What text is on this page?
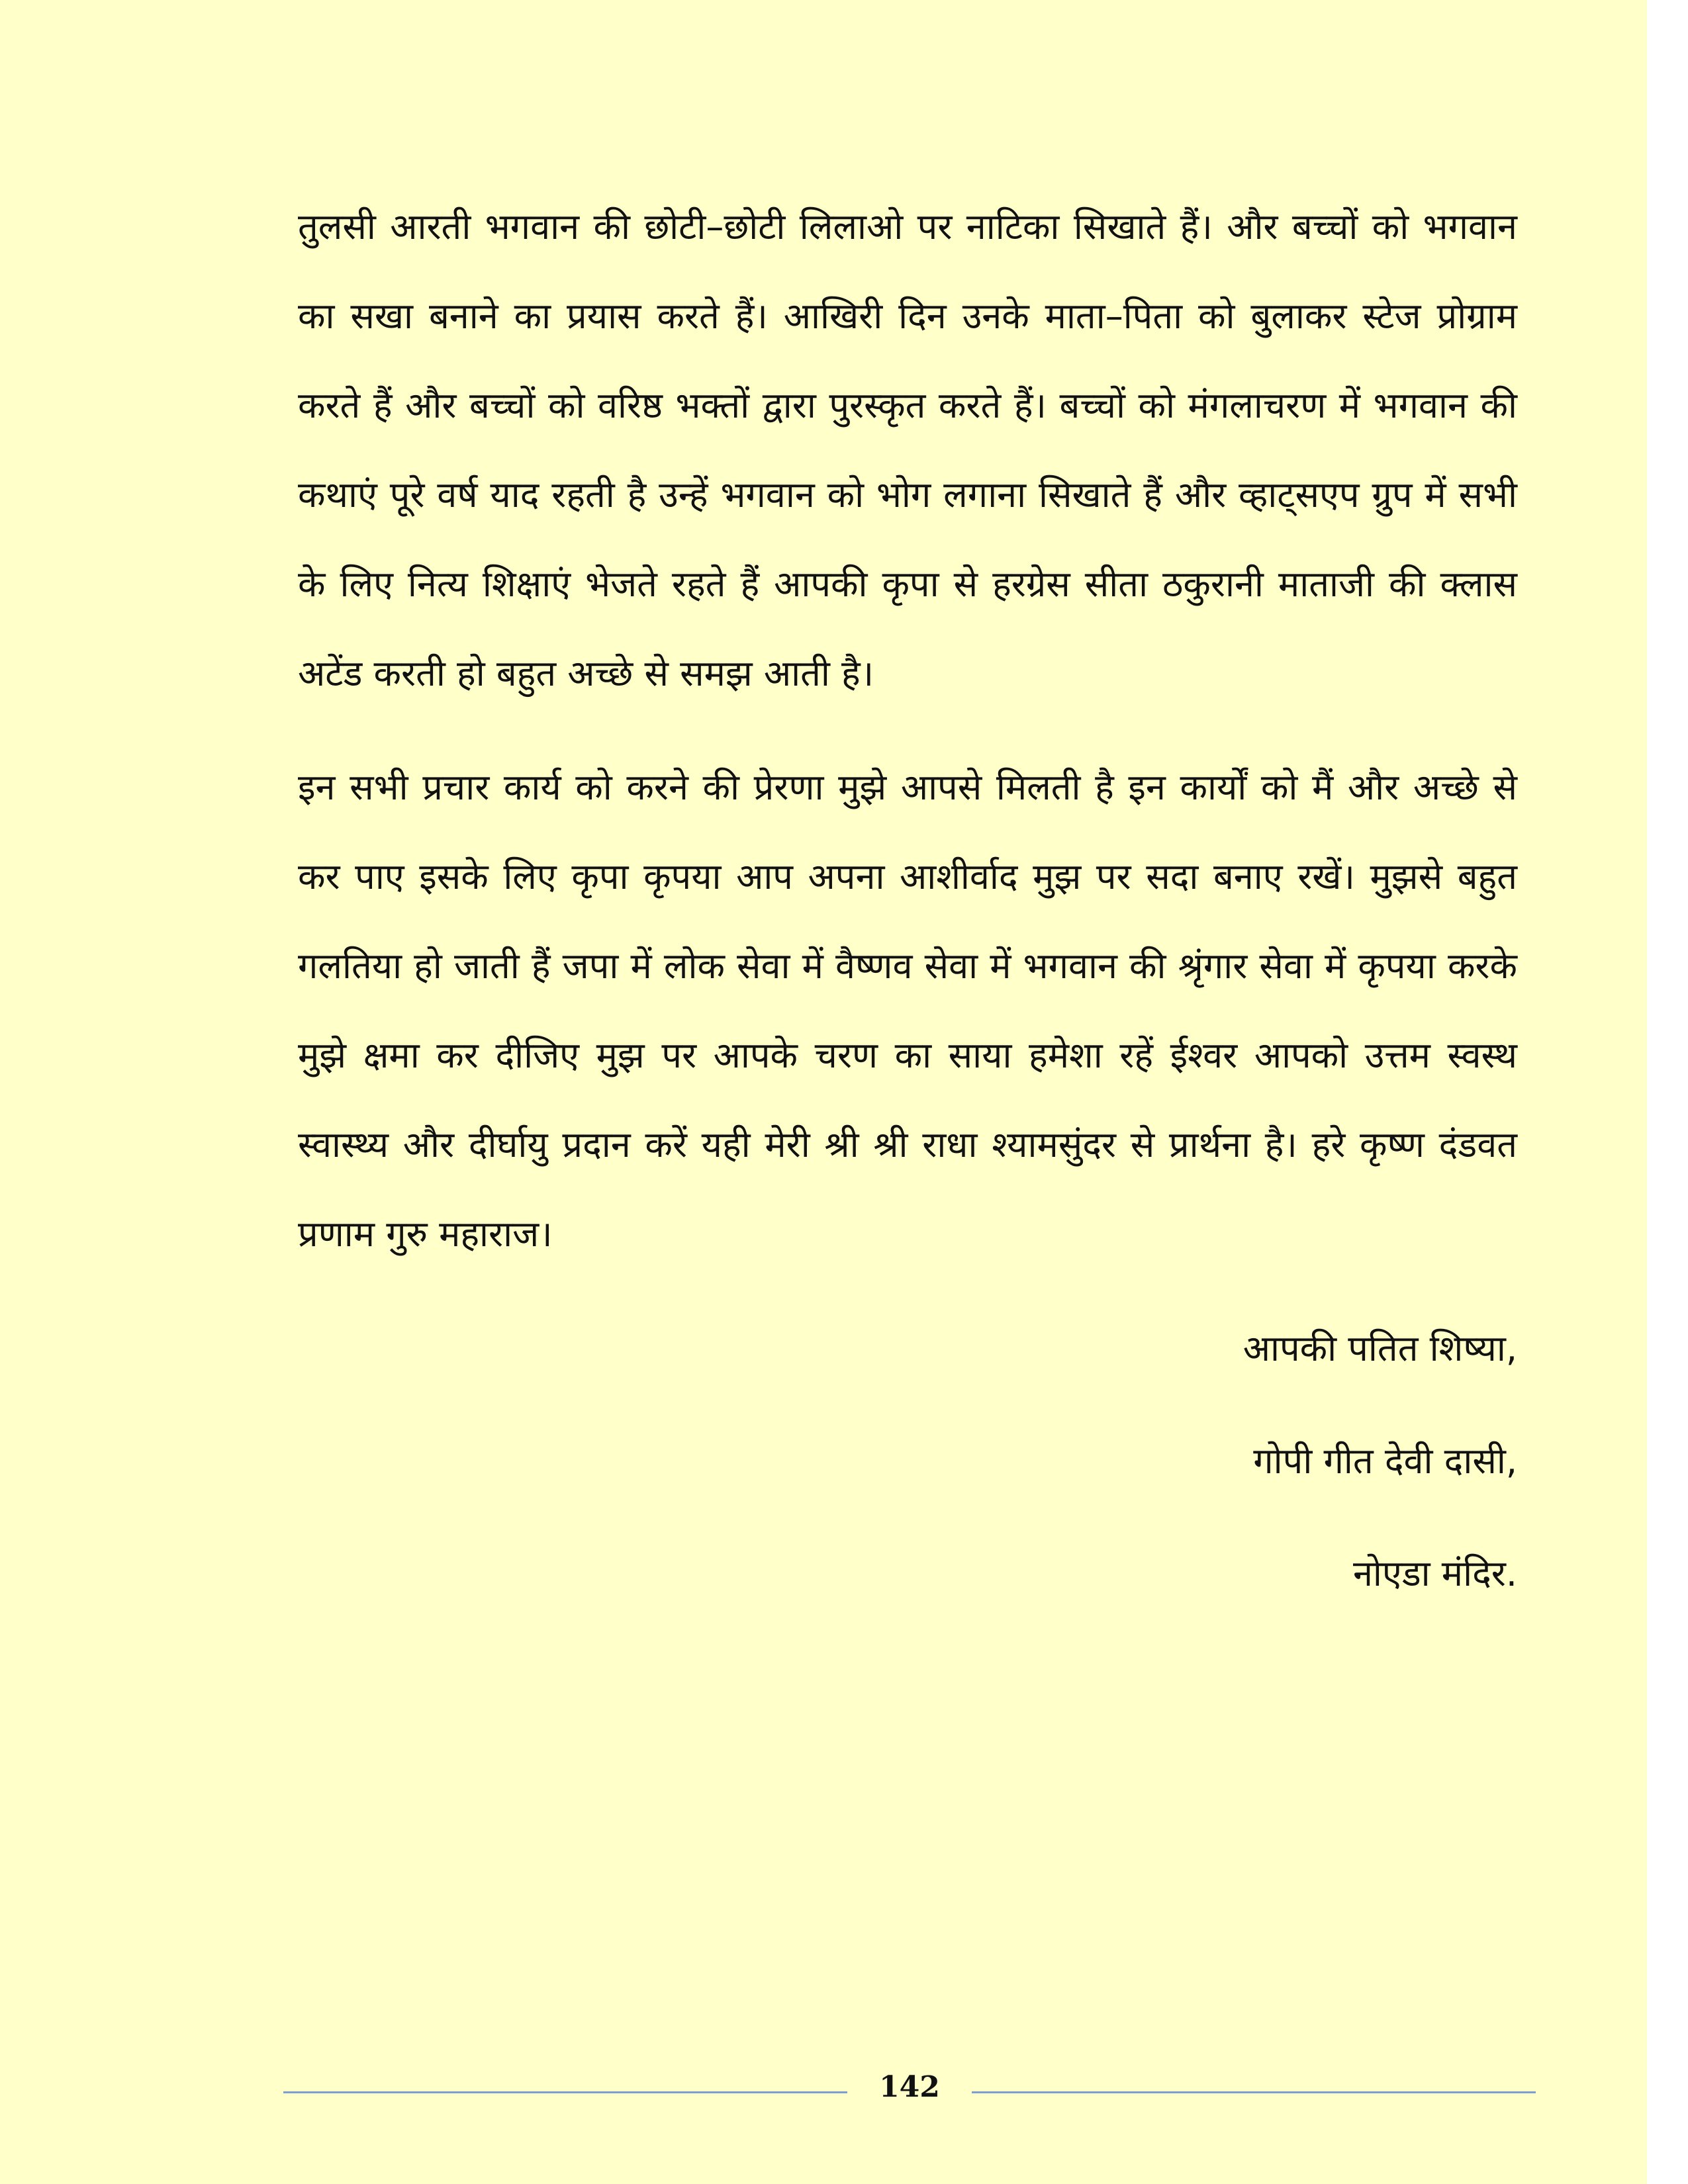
तुलसी आरती भगवान की छोटी–छोटी लिलाओ पर नाटिका सिखाते हैं। और बच्चों को भगवान का सखा बनाने का प्रयास करते हैं। आखिरी दिन उनके माता–पिता को बुलाकर स्टेज प्रोग्राम करते हैं और बच्चों को वरिष्ठ भक्तों द्वारा पुरस्कृत करते हैं। बच्चों को मंगलाचरण में भगवान की कथाएं पूरे वर्ष याद रहती है उन्हें भगवान को भोग लगाना सिखाते हैं और व्हाट्सएप ग्रुप में सभी के लिए नित्य शिक्षाएं भेजते रहते हैं आपकी कृपा से हरग्रेस सीता ठकुरानी माताजी की क्लास अटेंड करती हो बहुत अच्छे से समझ आती है।

इन सभी प्रचार कार्य को करने की प्रेरणा मुझे आपसे मिलती है इन कार्यों को मैं और अच्छे से कर पाए इसके लिए कृपा कृपया आप अपना आशीर्वाद मुझ पर सदा बनाए रखें। मुझसे बहुत गलतिया हो जाती हैं जपा में लोक सेवा में वैष्णव सेवा में भगवान की श्रृंगार सेवा में कृपया करके मुझे क्षमा कर दीजिए मुझ पर आपके चरण का साया हमेशा रहें ईश्वर आपको उत्तम स्वस्थ स्वास्थ्य और दीर्घायु प्रदान करें यही मेरी श्री श्री राधा श्यामसुंदर से प्रार्थना है। हरे कृष्ण दंडवत प्रणाम गुरु महाराज।

आपकी पतित शिष्या,
गोपी गीत देवी दासी,
नोएडा मंदिर.
142
